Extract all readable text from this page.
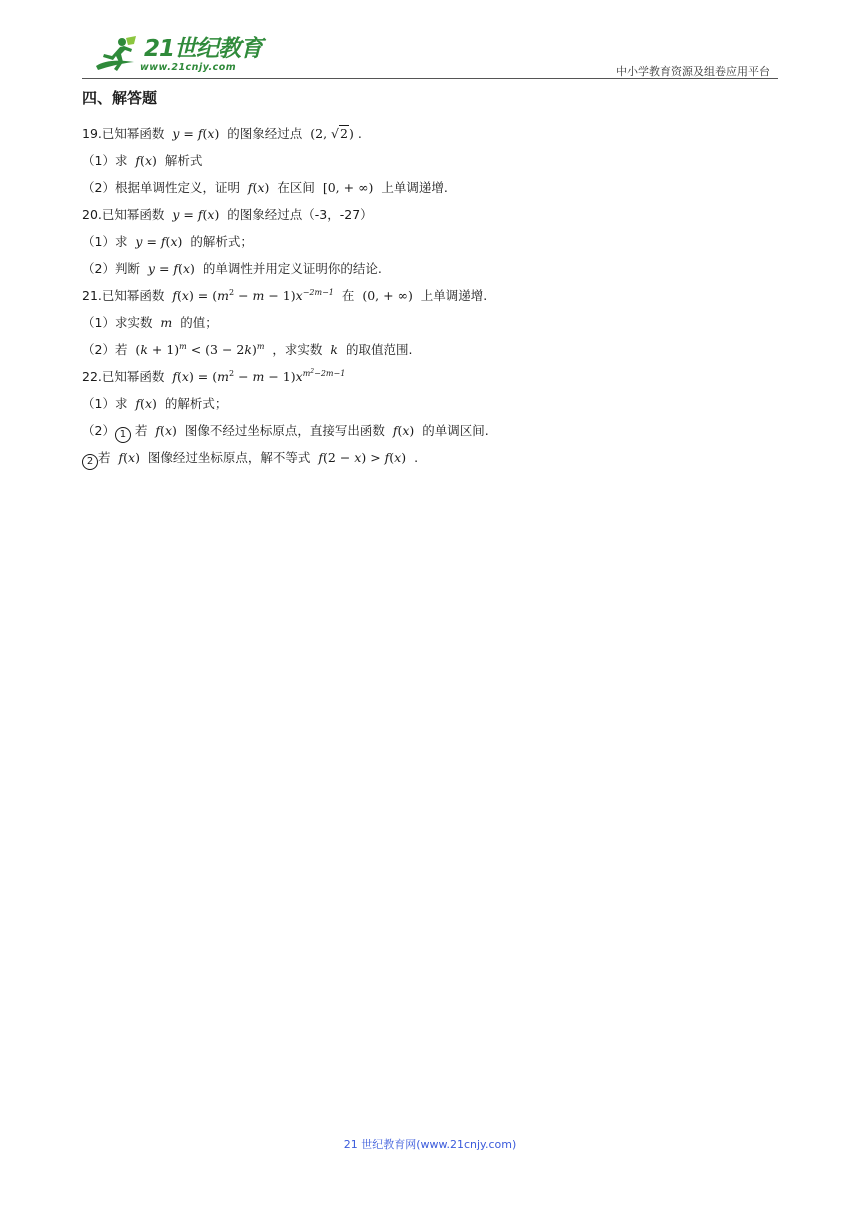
21世纪教育
www.21cnjy.com	中小学教育资源及组卷应用平台
四、解答题
19.已知幂函数  y = f(x) 的图象经过点  (2, √2) .
（1）求  f(x) 解析式
（2）根据单调性定义，证明  f(x) 在区间  [0, + ∞)  上单调递增.
20.已知幂函数  y = f(x) 的图象经过点（-3，-27）
（1）求  y = f(x) 的解析式；
（2）判断  y = f(x) 的单调性并用定义证明你的结论.
21.已知幂函数  $f(x) = (m^2 - m - 1)x^{-2m-1}$ 在  (0, + ∞)  上单调递增.
（1）求实数  m  的值；
（2）若 $(k + 1)^m < (3 - 2k)^m$ ，求实数  k  的取值范围.
22.已知幂函数  $f(x) = (m^2 - m - 1)x^{m^2-2m-1}$
（1）求  f(x) 的解析式；
（2） 1 若  f(x) 图像不经过坐标原点，直接写出函数  f(x) 的单调区间.
2 若  f(x) 图像经过坐标原点，解不等式  f(2 − x) > f(x) .
21 世纪教育网(www.21cnjy.com)
